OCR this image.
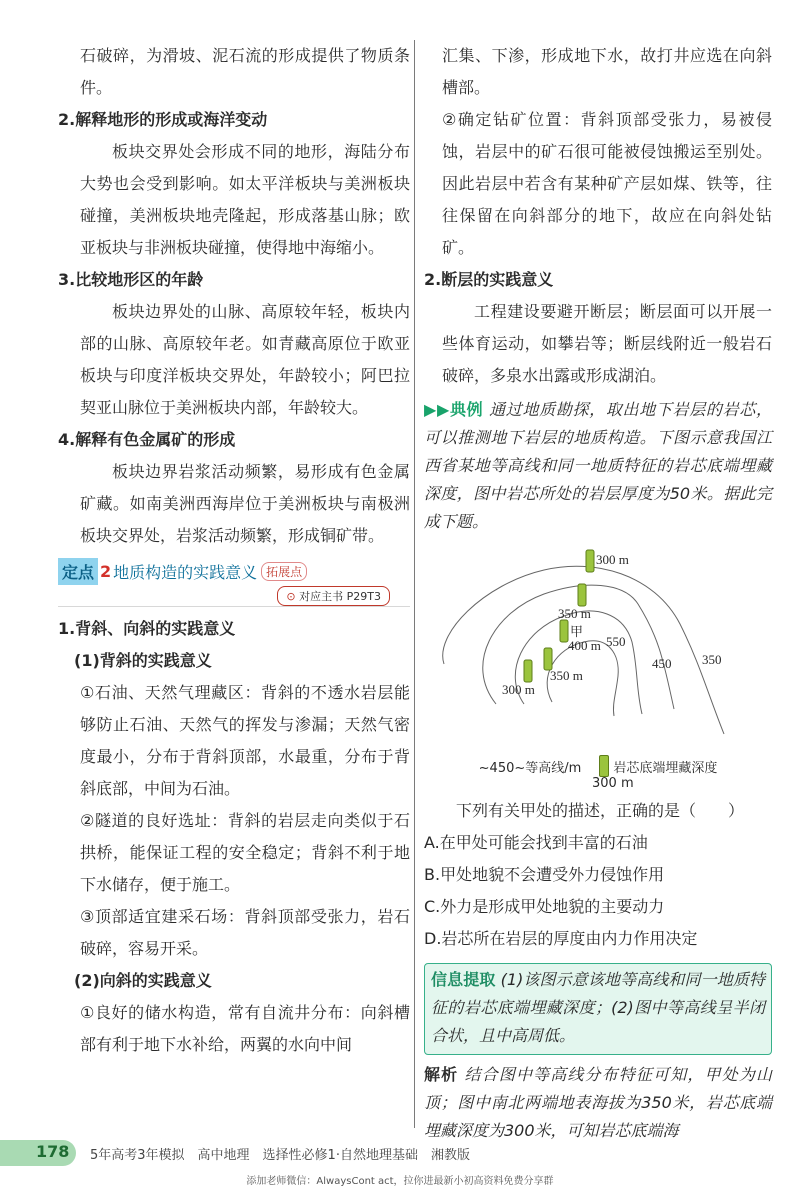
石破碎，为滑坡、泥石流的形成提供了物质条件。

2.解释地形的形成或海洋变动

板块交界处会形成不同的地形，海陆分布大势也会受到影响。如太平洋板块与美洲板块碰撞，美洲板块地壳隆起，形成落基山脉；欧亚板块与非洲板块碰撞，使得地中海缩小。

3.比较地形区的年龄

板块边界处的山脉、高原较年轻，板块内部的山脉、高原较年老。如青藏高原位于欧亚板块与印度洋板块交界处，年龄较小；阿巴拉契亚山脉位于美洲板块内部，年龄较大。

4.解释有色金属矿的形成

板块边界岩浆活动频繁，易形成有色金属矿藏。如南美洲西海岸位于美洲板块与南极洲板块交界处，岩浆活动频繁，形成铜矿带。

定点 2 地质构造的实践意义 拓展点
⊙ 对应主书 P29T3

1.背斜、向斜的实践意义

(1)背斜的实践意义

①石油、天然气理藏区：背斜的不透水岩层能够防止石油、天然气的挥发与渗漏；天然气密度最小，分布于背斜顶部，水最重，分布于背斜底部，中间为石油。

②隧道的良好选址：背斜的岩层走向类似于石拱桥，能保证工程的安全稳定；背斜不利于地下水储存，便于施工。

③顶部适宜建采石场：背斜顶部受张力，岩石破碎，容易开采。

(2)向斜的实践意义

①良好的储水构造，常有自流井分布：向斜槽部有利于地下水补给，两翼的水向中间

汇集、下渗，形成地下水，故打井应选在向斜槽部。

②确定钻矿位置：背斜顶部受张力，易被侵蚀，岩层中的矿石很可能被侵蚀搬运至别处。因此岩层中若含有某种矿产层如煤、铁等，往往保留在向斜部分的地下，故应在向斜处钻矿。

2.断层的实践意义

工程建设要避开断层；断层面可以开展一些体育运动，如攀岩等；断层线附近一般岩石破碎，多泉水出露或形成湖泊。

▶▶典例 通过地质勘探，取出地下岩层的岩芯，可以推测地下岩层的地质构造。下图示意我国江西省某地等高线和同一地质特征的岩芯底端埋藏深度，图中岩芯所处的岩层厚度为50米。据此完成下题。

300 m
350 m
甲
400 m 550
450 350
350 m
300 m
~450~等高线/m 岩芯底端埋藏深度
300 m

下列有关甲处的描述，正确的是（　　）

A.在甲处可能会找到丰富的石油

B.甲处地貌不会遭受外力侵蚀作用

C.外力是形成甲处地貌的主要动力

D.岩芯所在岩层的厚度由内力作用决定

信息提取 (1)该图示意该地等高线和同一地质特征的岩芯底端埋藏深度；(2)图中等高线呈半闭合状，且中高周低。

解析 结合图中等高线分布特征可知，甲处为山顶；图中南北两端地表海拔为350米，岩芯底端埋藏深度为300米，可知岩芯底端海

178 5年高考3年模拟　高中地理　选择性必修1·自然地理基础　湘教版
添加老师微信：AlwaysCont act，拉你进最新小初高资料免费分享群
